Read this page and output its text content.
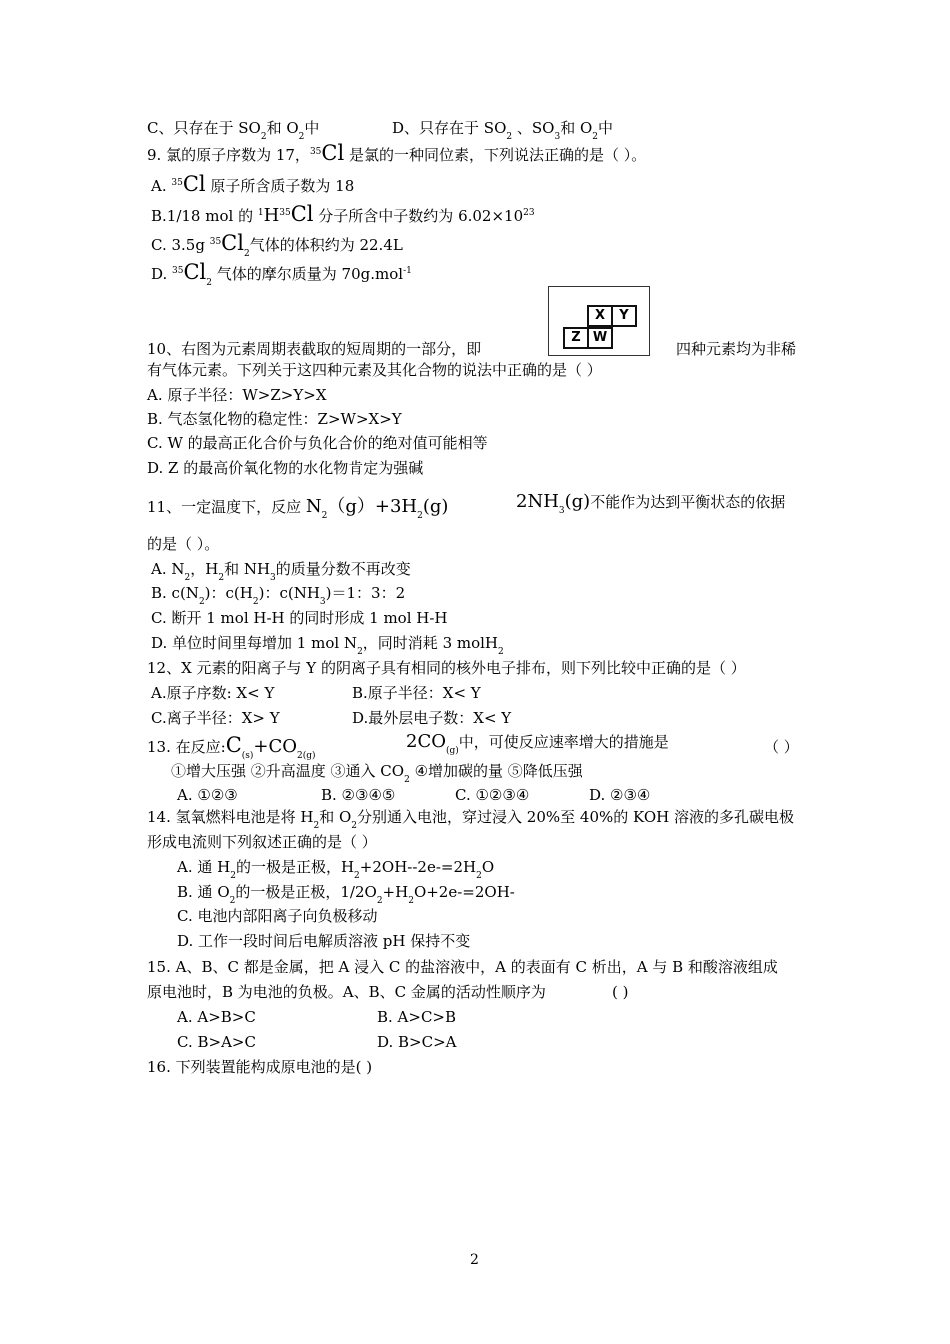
C、只存在于 $SO_2$和 $O_2$中	D、只存在于 $SO_2$ 、$SO_3$和 $O_2$中
9. 氯的原子序数为 17，$^{35}$Cl 是氯的一种同位素，下列说法正确的是（ ）。
A. $^{35}$Cl 原子所含质子数为 18
B.1/18 mol 的 $^1H^{35}Cl$ 分子所含中子数约为 $6.02\times 10^{23}$
C. 3.5g $^{35}Cl_2$气体的体积约为 22.4L
D. $^{35}Cl_2$ 气体的摩尔质量为 70g.mol$^{-1}$
X	Y
Z W
10、右图为元素周期表截取的短周期的一部分，即	四种元素均为非稀
有气体元素。下列关于这四种元素及其化合物的说法中正确的是（ ）
A. 原子半径：W>Z>Y>X
B. 气态氢化物的稳定性：Z>W>X>Y
C. W 的最高正化合价与负化合价的绝对值可能相等
D. Z 的最高价氧化物的水化物肯定为强碱
11、一定温度下，反应 $N_2(g)+3H_2(g)$	$2NH_3(g)$不能作为达到平衡状态的依据
的是（ ）。
A. $N_2$，$H_2$和 $NH_3$的质量分数不再改变
B. $c(N_2)$：$c(H_2)$：$c(NH_3)=1$：3：2
C. 断开 1 mol H-H 的同时形成 1 mol H-H
D. 单位时间里每增加 1 mol $N_2$，同时消耗 3 molH$_2$
12、X 元素的阳离子与 Y 的阴离子具有相同的核外电子排布，则下列比较中正确的是（ ）
A.原子序数: X< Y	B.原子半径：X< Y
C.离子半径：X> Y	D.最外层电子数：X< Y
13. 在反应$:C_{(s)}+CO_{2(g)}$
$2CO_{(g)}$中，可使反应速率增大的措施是	（ ）
①增大压强 ②升高温度 ③通入 $CO_2$ ④增加碳的量 ⑤降低压强
A. ①②③	B. ②③④⑤	C. ①②③④	D. ②③④
14. 氢氧燃料电池是将 $H_2$和 $O_2$分别通入电池，穿过浸入 20%至 40%的 KOH 溶液的多孔碳电极
形成电流则下列叙述正确的是（ ）
A. 通 $H_2$的一极是正极，$H_2+2OH--2e-=2H_2O$
B. 通 $O_2$的一极是正极，$1/2O_2+H_2O+2e-=2OH-$
C. 电池内部阳离子向负极移动
D. 工作一段时间后电解质溶液 pH 保持不变
15. A、B、C 都是金属，把 A 浸入 C 的盐溶液中，A 的表面有 C 析出，A 与 B 和酸溶液组成
原电池时，B 为电池的负极。A、B、C 金属的活动性顺序为	( )
A. A>B>C	B. A>C>B
C. B>A>C	D. B>C>A
16. 下列装置能构成原电池的是( )
2
